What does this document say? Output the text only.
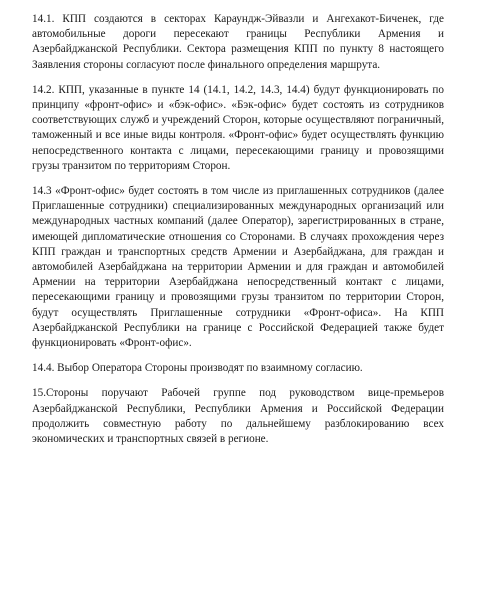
14.1. КПП создаются в секторах Караундж-Эйвазли и Ангехакот-Биченек, где автомобильные дороги пересекают границы Республики Армения и Азербайджанской Республики. Сектора размещения КПП по пункту 8 настоящего Заявления стороны согласуют после финального определения маршрута.

14.2. КПП, указанные в пункте 14 (14.1, 14.2, 14.3, 14.4) будут функционировать по принципу «фронт-офис» и «бэк-офис». «Бэк-офис» будет состоять из сотрудников соответствующих служб и учреждений Сторон, которые осуществляют пограничный, таможенный и все иные виды контроля. «Фронт-офис» будет осуществлять функцию непосредственного контакта с лицами, пересекающими границу и провозящими грузы транзитом по территориям Сторон.

14.3 «Фронт-офис» будет состоять в том числе из приглашенных сотрудников (далее Приглашенные сотрудники) специализированных международных организаций или международных частных компаний (далее Оператор), зарегистрированных в стране, имеющей дипломатические отношения со Сторонами. В случаях прохождения через КПП граждан и транспортных средств Армении и Азербайджана, для граждан и автомобилей Азербайджана на территории Армении и для граждан и автомобилей Армении на территории Азербайджана непосредственный контакт с лицами, пересекающими границу и провозящими грузы транзитом по территории Сторон, будут осуществлять Приглашенные сотрудники «Фронт-офиса». На КПП Азербайджанской Республики на границе с Российской Федерацией также будет функционировать «Фронт-офис».

14.4. Выбор Оператора Стороны производят по взаимному согласию.

15.Стороны поручают Рабочей группе под руководством вице-премьеров Азербайджанской Республики, Республики Армения и Российской Федерации продолжить совместную работу по дальнейшему разблокированию всех экономических и транспортных связей в регионе.
